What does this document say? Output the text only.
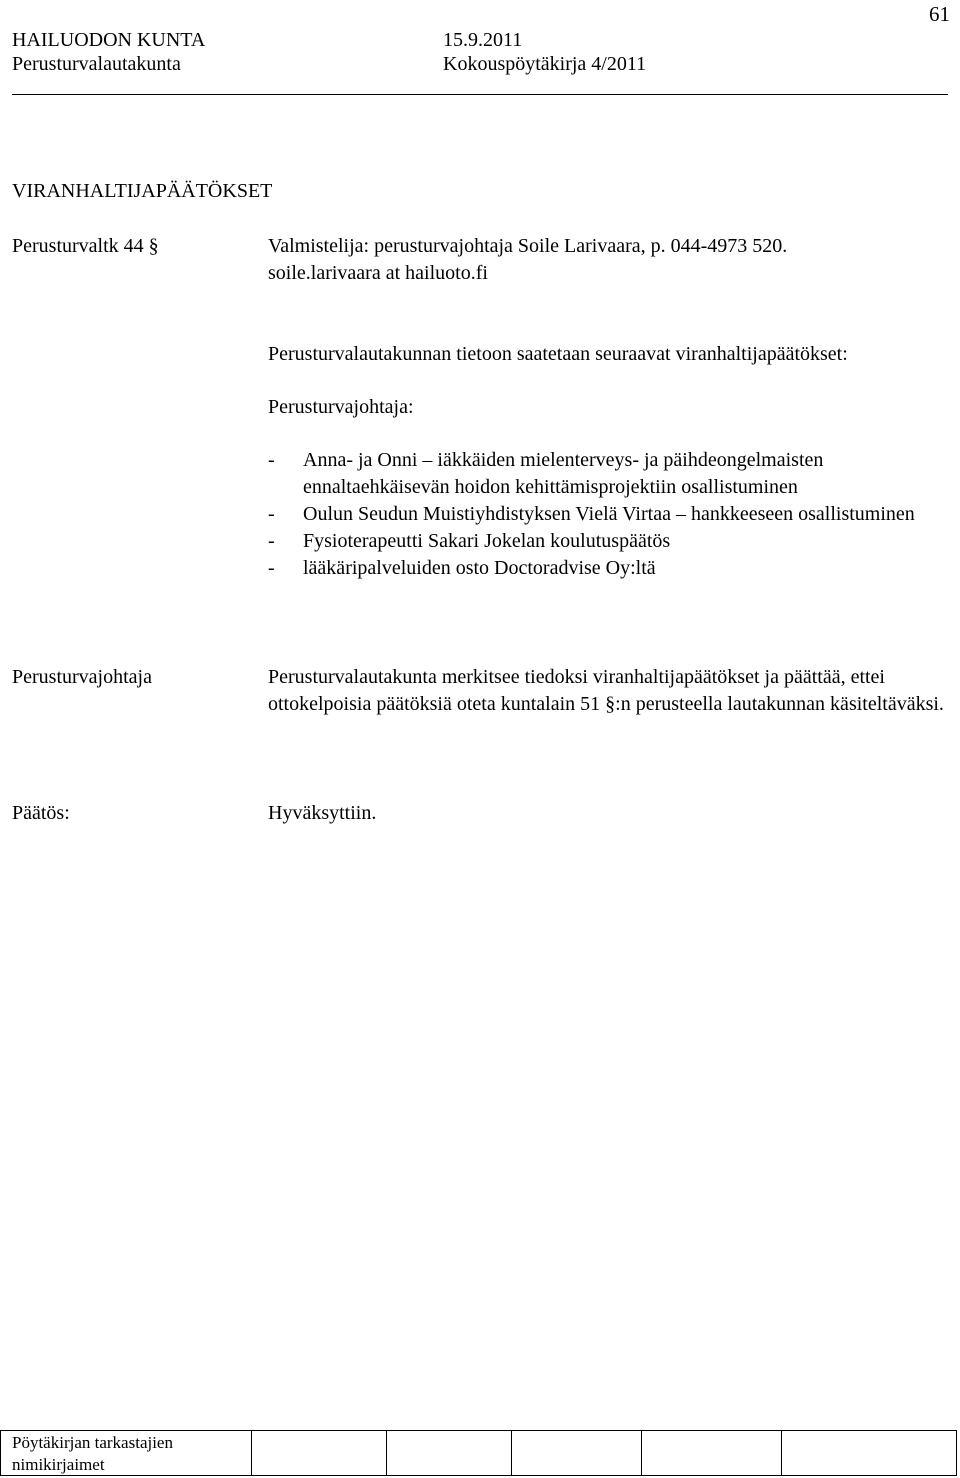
61
HAILUODON KUNTA	15.9.2011
Perusturvalautakunta	Kokouspöytäkirja 4/2011
VIRANHALTIJAPÄÄTÖKSET
Perusturvaltk 44 §	Valmistelija: perusturvajohtaja Soile Larivaara, p. 044-4973 520.
soile.larivaara at hailuoto.fi
Perusturvalautakunnan tietoon saatetaan seuraavat viranhaltijapäätökset:
Perusturvajohtaja:
-	Anna- ja Onni – iäkkäiden mielenterveys- ja päihdeongelmaisten ennaltaehkäisevän hoidon kehittämisprojektiin osallistuminen
-	Oulun Seudun Muistiyhdistyksen Vielä Virtaa – hankkeeseen osallistuminen
-	Fysioterapeutti Sakari Jokelan koulutuspäätös
-	lääkäripalveluiden osto Doctoradvise Oy:ltä
Perusturvajohtaja	Perusturvalautakunta merkitsee tiedoksi viranhaltijapäätökset ja päättää, ettei ottokelpoisia päätöksiä oteta kuntalain 51 §:n perusteella lautakunnan käsiteltäväksi.
Päätös:	Hyväksyttiin.
Pöytäkirjan tarkastajien
nimikirjaimet
